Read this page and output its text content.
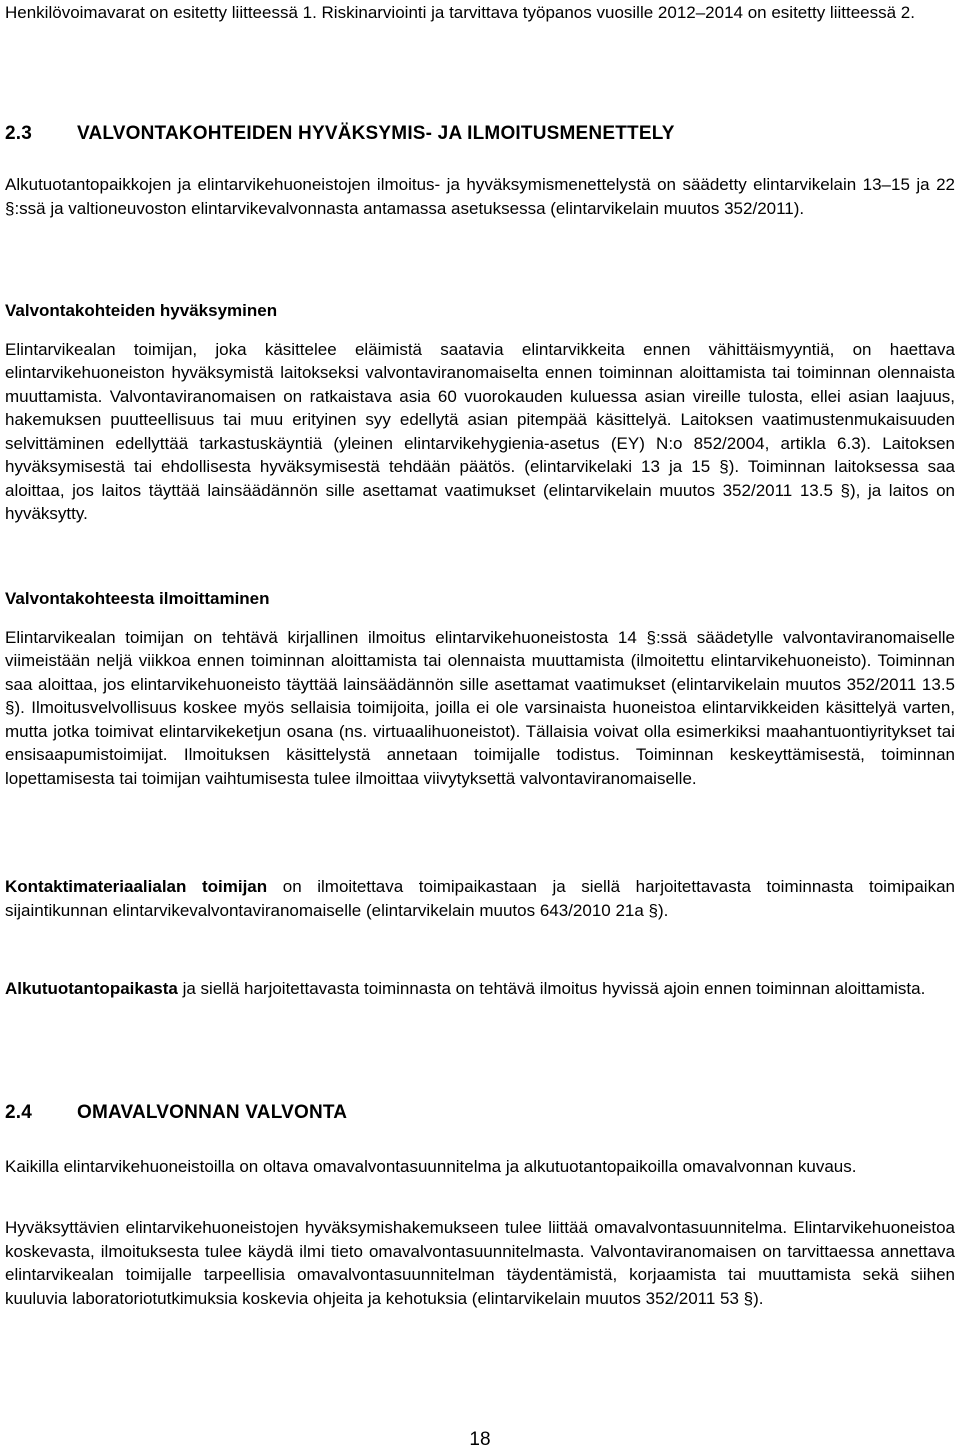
Henkilövoimavarat on esitetty liitteessä 1. Riskinarviointi ja tarvittava työpanos vuosille 2012–2014 on esitetty liitteessä 2.

2.3	VALVONTAKOHTEIDEN HYVÄKSYMIS- JA ILMOITUSMENETTELY

Alkutuotantopaikkojen ja elintarvikehuoneistojen ilmoitus- ja hyväksymismenettelystä on säädetty elintarvikelain 13–15 ja 22 §:ssä ja valtioneuvoston elintarvikevalvonnasta antamassa asetuksessa (elintarvikelain muutos 352/2011).

Valvontakohteiden hyväksyminen

Elintarvikealan toimijan, joka käsittelee eläimistä saatavia elintarvikkeita ennen vähittäismyyntiä, on haettava elintarvikehuoneiston hyväksymistä laitokseksi valvontaviranomaiselta ennen toiminnan aloittamista tai toiminnan olennaista muuttamista. Valvontaviranomaisen on ratkaistava asia 60 vuorokauden kuluessa asian vireille tulosta, ellei asian laajuus, hakemuksen puutteellisuus tai muu erityinen syy edellytä asian pitempää käsittelyä. Laitoksen vaatimustenmukaisuuden selvittäminen edellyttää tarkastuskäyntiä (yleinen elintarvikehygienia-asetus (EY) N:o 852/2004, artikla 6.3). Laitoksen hyväksymisestä tai ehdollisesta hyväksymisestä tehdään päätös. (elintarvikelaki 13 ja 15 §). Toiminnan laitoksessa saa aloittaa, jos laitos täyttää lainsäädännön sille asettamat vaatimukset (elintarvikelain muutos 352/2011 13.5 §), ja laitos on hyväksytty.

Valvontakohteesta ilmoittaminen

Elintarvikealan toimijan on tehtävä kirjallinen ilmoitus elintarvikehuoneistosta 14 §:ssä säädetylle valvontaviranomaiselle viimeistään neljä viikkoa ennen toiminnan aloittamista tai olennaista muuttamista (ilmoitettu elintarvikehuoneisto). Toiminnan saa aloittaa, jos elintarvikehuoneisto täyttää lainsäädännön sille asettamat vaatimukset (elintarvikelain muutos 352/2011 13.5 §). Ilmoitusvelvollisuus koskee myös sellaisia toimijoita, joilla ei ole varsinaista huoneistoa elintarvikkeiden käsittelyä varten, mutta jotka toimivat elintarvikeketjun osana (ns. virtuaalihuoneistot). Tällaisia voivat olla esimerkiksi maahantuontiyritykset tai ensisaapumistoimijat. Ilmoituksen käsittelystä annetaan toimijalle todistus. Toiminnan keskeyttämisestä, toiminnan lopettamisesta tai toimijan vaihtumisesta tulee ilmoittaa viivytyksettä valvontaviranomaiselle.

Kontaktimateriaalialan toimijan on ilmoitettava toimipaikastaan ja siellä harjoitettavasta toiminnasta toimipaikan sijaintikunnan elintarvikevalvontaviranomaiselle (elintarvikelain muutos 643/2010 21a §).

Alkutuotantopaikasta ja siellä harjoitettavasta toiminnasta on tehtävä ilmoitus hyvissä ajoin ennen toiminnan aloittamista.

2.4	OMAVALVONNAN VALVONTA

Kaikilla elintarvikehuoneistoilla on oltava omavalvontasuunnitelma ja alkutuotantopaikoilla omavalvonnan kuvaus.

Hyväksyttävien elintarvikehuoneistojen hyväksymishakemukseen tulee liittää omavalvontasuunnitelma. Elintarvikehuoneistoa koskevasta, ilmoituksesta tulee käydä ilmi tieto omavalvontasuunnitelmasta. Valvontaviranomaisen on tarvittaessa annettava elintarvikealan toimijalle tarpeellisia omavalvontasuunnitelman täydentämistä, korjaamista tai muuttamista sekä siihen kuuluvia laboratoriotutkimuksia koskevia ohjeita ja kehotuksia (elintarvikelain muutos 352/2011 53 §).

18
